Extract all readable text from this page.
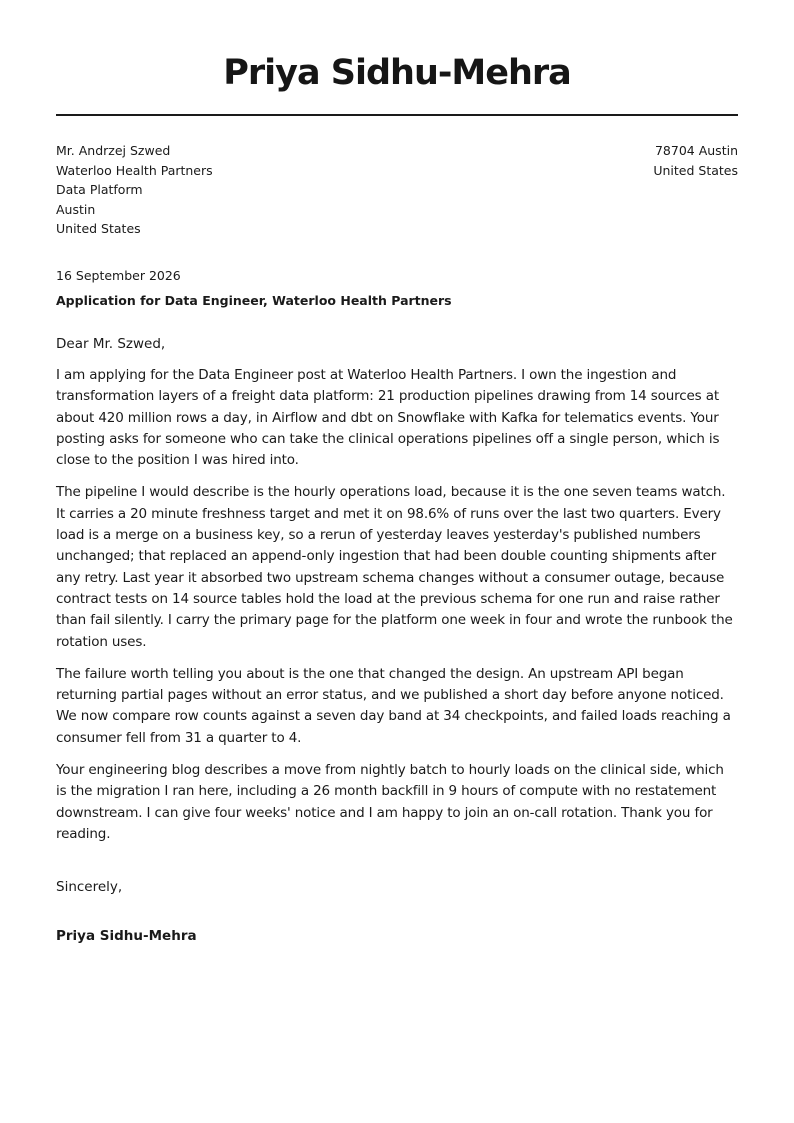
Priya Sidhu-Mehra
Mr. Andrzej Szwed
Waterloo Health Partners
Data Platform
Austin
United States
78704 Austin
United States
16 September 2026
Application for Data Engineer, Waterloo Health Partners
Dear Mr. Szwed,

I am applying for the Data Engineer post at Waterloo Health Partners. I own the ingestion and transformation layers of a freight data platform: 21 production pipelines drawing from 14 sources at about 420 million rows a day, in Airflow and dbt on Snowflake with Kafka for telematics events. Your posting asks for someone who can take the clinical operations pipelines off a single person, which is close to the position I was hired into.

The pipeline I would describe is the hourly operations load, because it is the one seven teams watch. It carries a 20 minute freshness target and met it on 98.6% of runs over the last two quarters. Every load is a merge on a business key, so a rerun of yesterday leaves yesterday's published numbers unchanged; that replaced an append-only ingestion that had been double counting shipments after any retry. Last year it absorbed two upstream schema changes without a consumer outage, because contract tests on 14 source tables hold the load at the previous schema for one run and raise rather than fail silently. I carry the primary page for the platform one week in four and wrote the runbook the rotation uses.

The failure worth telling you about is the one that changed the design. An upstream API began returning partial pages without an error status, and we published a short day before anyone noticed. We now compare row counts against a seven day band at 34 checkpoints, and failed loads reaching a consumer fell from 31 a quarter to 4.

Your engineering blog describes a move from nightly batch to hourly loads on the clinical side, which is the migration I ran here, including a 26 month backfill in 9 hours of compute with no restatement downstream. I can give four weeks' notice and I am happy to join an on-call rotation. Thank you for reading.

Sincerely,
Priya Sidhu-Mehra
